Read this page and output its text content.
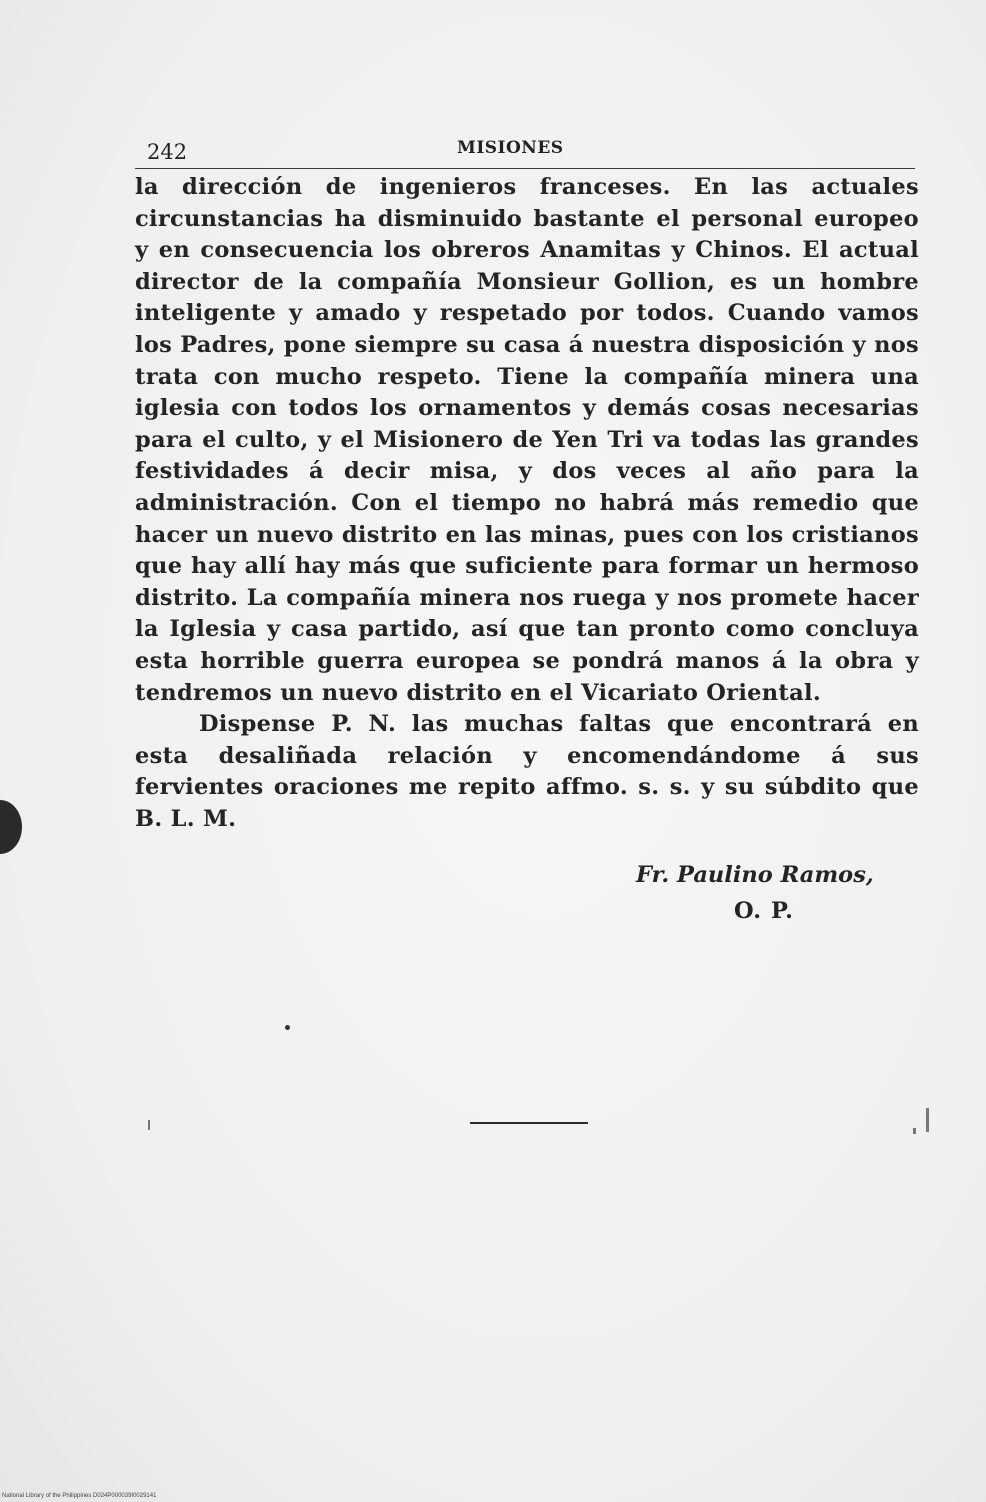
242	MISIONES

la dirección de ingenieros franceses. En las actuales circunstancias ha disminuido bastante el personal europeo y en consecuencia los obreros Anamitas y Chinos. El actual director de la compañía Monsieur Gollion, es un hombre inteligente y amado y respetado por todos. Cuando vamos los Padres, pone siempre su casa á nuestra disposición y nos trata con mucho respeto. Tiene la compañía minera una iglesia con todos los ornamentos y demás cosas necesarias para el culto, y el Misionero de Yen Tri va todas las grandes festividades á decir misa, y dos veces al año para la administración. Con el tiempo no habrá más remedio que hacer un nuevo distrito en las minas, pues con los cristianos que hay allí hay más que suficiente para formar un hermoso distrito. La compañía minera nos ruega y nos promete hacer la Iglesia y casa partido, así que tan pronto como concluya esta horrible guerra europea se pondrá manos á la obra y tendremos un nuevo distrito en el Vicariato Oriental.

Dispense P. N. las muchas faltas que encontrará en esta desaliñada relación y encomendándome á sus fervientes oraciones me repito affmo. s. s. y su súbdito que B. L. M.

Fr. Paulino Ramos,
O. P.
National Library of the Philippines D024P000039I0029141
